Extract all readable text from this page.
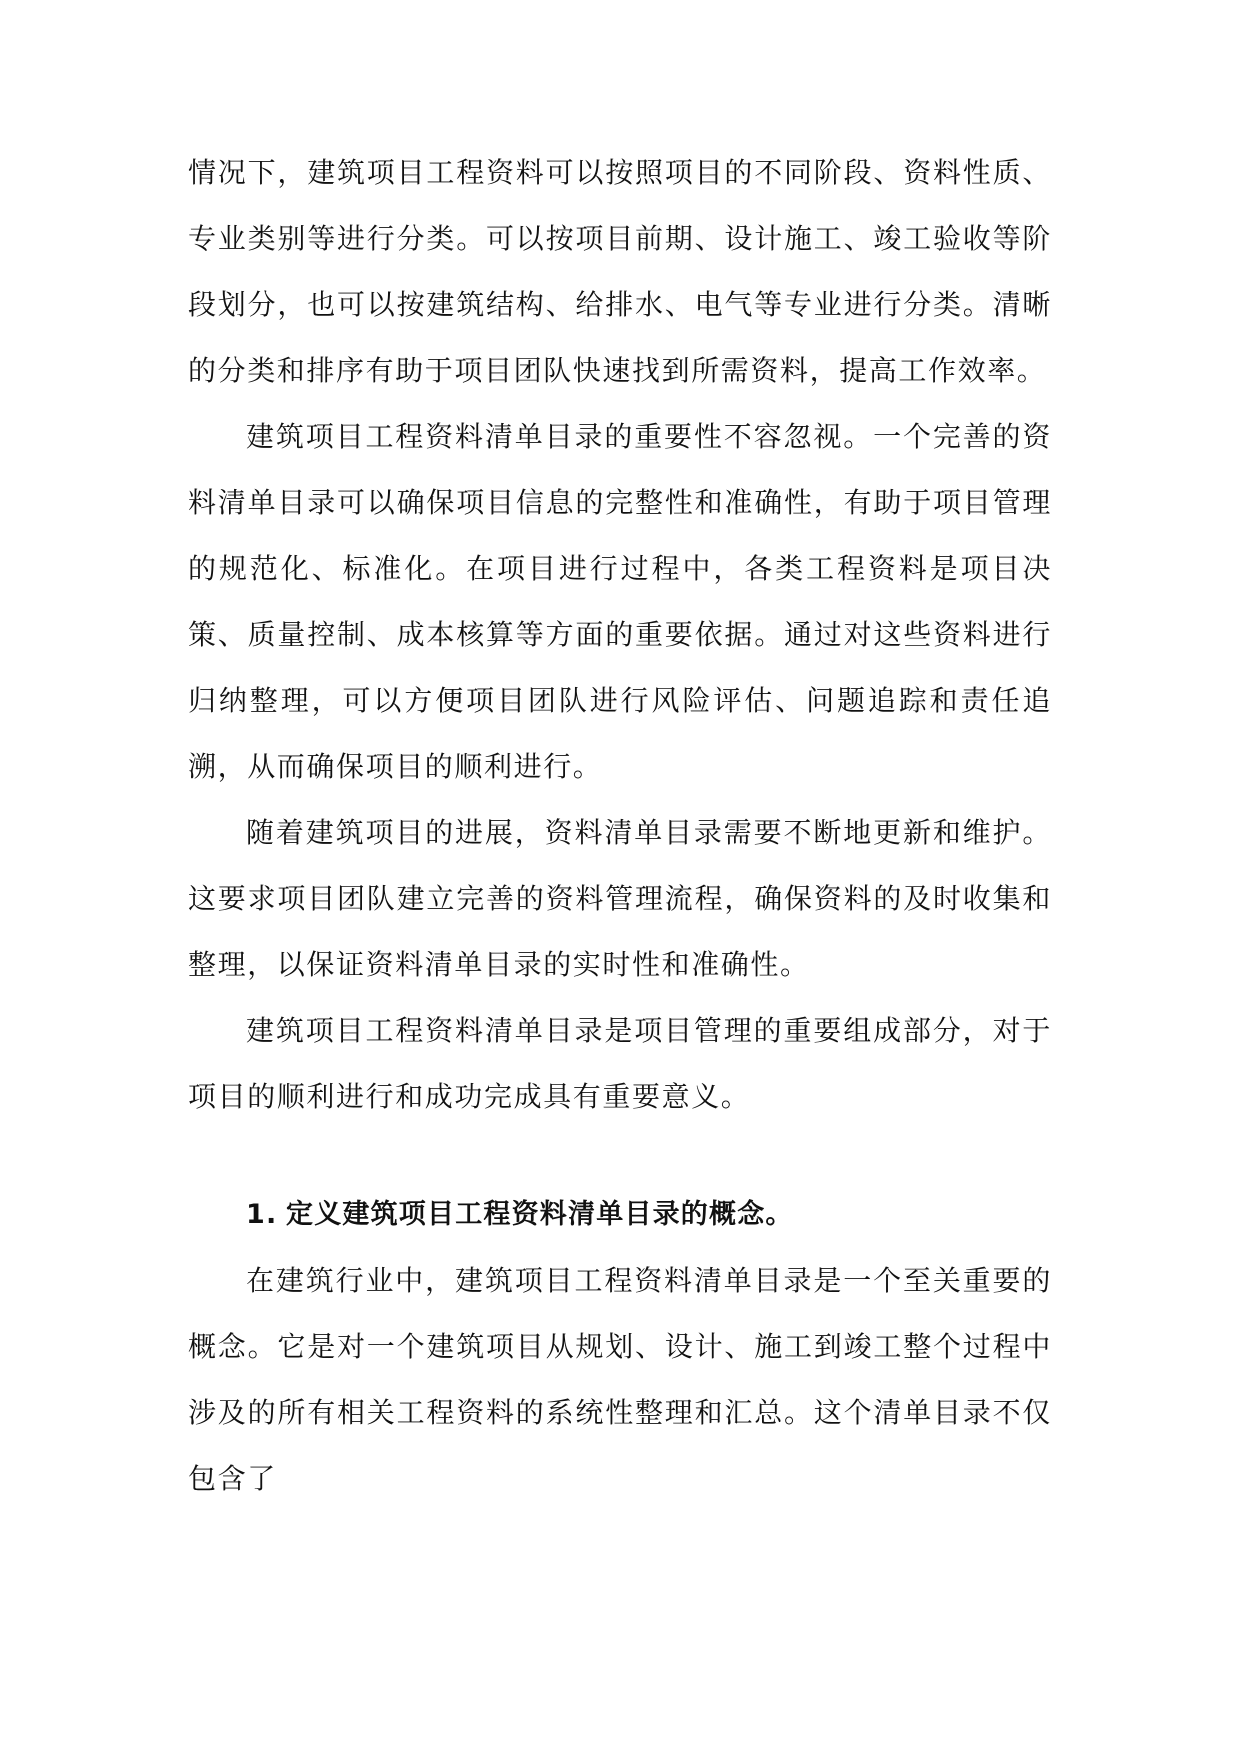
情况下，建筑项目工程资料可以按照项目的不同阶段、资料性质、专业类别等进行分类。可以按项目前期、设计施工、竣工验收等阶段划分，也可以按建筑结构、给排水、电气等专业进行分类。清晰的分类和排序有助于项目团队快速找到所需资料，提高工作效率。

建筑项目工程资料清单目录的重要性不容忽视。一个完善的资料清单目录可以确保项目信息的完整性和准确性，有助于项目管理的规范化、标准化。在项目进行过程中，各类工程资料是项目决策、质量控制、成本核算等方面的重要依据。通过对这些资料进行归纳整理，可以方便项目团队进行风险评估、问题追踪和责任追溯，从而确保项目的顺利进行。

随着建筑项目的进展，资料清单目录需要不断地更新和维护。这要求项目团队建立完善的资料管理流程，确保资料的及时收集和整理，以保证资料清单目录的实时性和准确性。

建筑项目工程资料清单目录是项目管理的重要组成部分，对于项目的顺利进行和成功完成具有重要意义。

1. 定义建筑项目工程资料清单目录的概念。

在建筑行业中，建筑项目工程资料清单目录是一个至关重要的概念。它是对一个建筑项目从规划、设计、施工到竣工整个过程中涉及的所有相关工程资料的系统性整理和汇总。这个清单目录不仅包含了
